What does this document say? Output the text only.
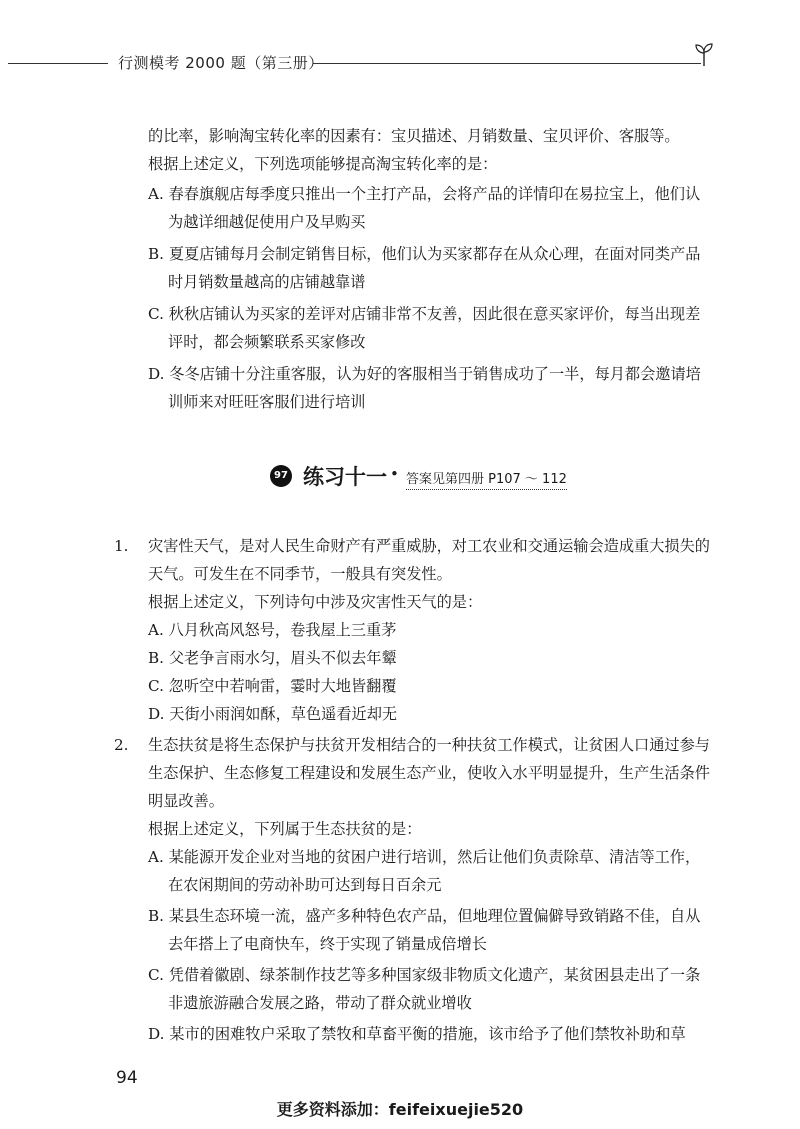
行测模考 2000 题（第三册）

的比率，影响淘宝转化率的因素有：宝贝描述、月销数量、宝贝评价、客服等。

根据上述定义，下列选项能够提高淘宝转化率的是：

A. 春春旗舰店每季度只推出一个主打产品，会将产品的详情印在易拉宝上，他们认为越详细越促使用户及早购买

B. 夏夏店铺每月会制定销售目标，他们认为买家都存在从众心理，在面对同类产品时月销数量越高的店铺越靠谱

C. 秋秋店铺认为买家的差评对店铺非常不友善，因此很在意买家评价，每当出现差评时，都会频繁联系买家修改

D. 冬冬店铺十分注重客服，认为好的客服相当于销售成功了一半，每月都会邀请培训师来对旺旺客服们进行培训

97 练习十一 • 答案见第四册 P107 ～ 112
1.	灾害性天气，是对人民生命财产有严重威胁，对工农业和交通运输会造成重大损失的天气。可发生在不同季节，一般具有突发性。

根据上述定义，下列诗句中涉及灾害性天气的是：

A. 八月秋高风怒号，卷我屋上三重茅

B. 父老争言雨水匀，眉头不似去年颦

C. 忽听空中若响雷，霎时大地皆翻覆

D. 天街小雨润如酥，草色遥看近却无

2.	生态扶贫是将生态保护与扶贫开发相结合的一种扶贫工作模式，让贫困人口通过参与生态保护、生态修复工程建设和发展生态产业，使收入水平明显提升，生产生活条件明显改善。

根据上述定义，下列属于生态扶贫的是：

A. 某能源开发企业对当地的贫困户进行培训，然后让他们负责除草、清洁等工作，在农闲期间的劳动补助可达到每日百余元

B. 某县生态环境一流，盛产多种特色农产品，但地理位置偏僻导致销路不佳，自从去年搭上了电商快车，终于实现了销量成倍增长

C. 凭借着徽剧、绿茶制作技艺等多种国家级非物质文化遗产，某贫困县走出了一条非遗旅游融合发展之路，带动了群众就业增收

D. 某市的困难牧户采取了禁牧和草畜平衡的措施，该市给予了他们禁牧补助和草

94
更多资料添加：feifeixuejie520
